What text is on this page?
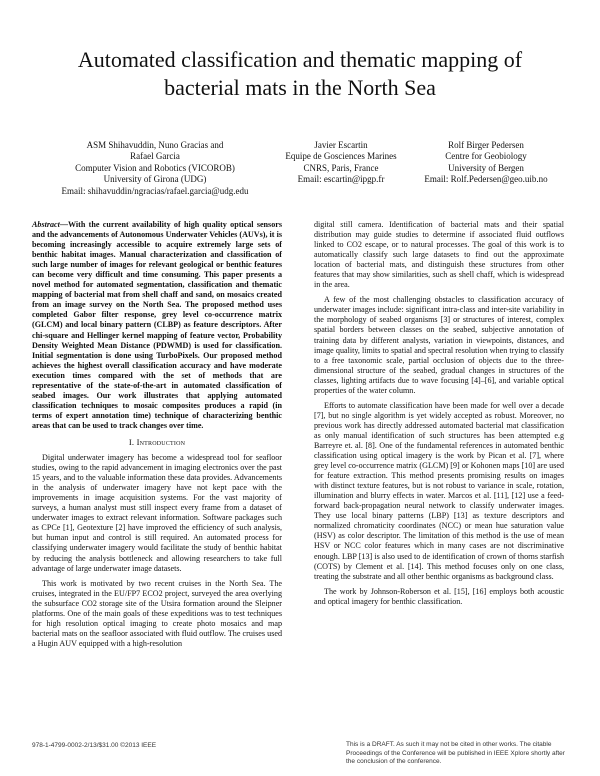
Automated classification and thematic mapping of bacterial mats in the North Sea
ASM Shihavuddin, Nuno Gracias and
Rafael Garcia
Computer Vision and Robotics (VICOROB)
University of Girona (UDG)
Email: shihavuddin/ngracias/rafael.garcia@udg.edu
Javier Escartin
Equipe de Gosciences Marines
CNRS, Paris, France
Email: escartin@ipgp.fr
Rolf Birger Pedersen
Centre for Geobiology
University of Bergen
Email: Rolf.Pedersen@geo.uib.no
Abstract—With the current availability of high quality optical sensors and the advancements of Autonomous Underwater Vehicles (AUVs), it is becoming increasingly accessible to acquire extremely large sets of benthic habitat images. Manual characterization and classification of such large number of images for relevant geological or benthic features can become very difficult and time consuming. This paper presents a novel method for automated segmentation, classification and thematic mapping of bacterial mat from shell chaff and sand, on mosaics created from an image survey on the North Sea. The proposed method uses completed Gabor filter response, grey level co-occurrence matrix (GLCM) and local binary pattern (CLBP) as feature descriptors. After chi-square and Hellinger kernel mapping of feature vector, Probability Density Weighted Mean Distance (PDWMD) is used for classification. Initial segmentation is done using TurboPixels. Our proposed method achieves the highest overall classification accuracy and have moderate execution times compared with the set of methods that are representative of the state-of-the-art in automated classification of seabed images. Our work illustrates that applying automated classification techniques to mosaic composites produces a rapid (in terms of expert annotation time) technique of characterizing benthic areas that can be used to track changes over time.
I. Introduction

Digital underwater imagery has become a widespread tool for seafloor studies, owing to the rapid advancement in imaging electronics over the past 15 years, and to the valuable information these data provides. Advancements in the analysis of underwater imagery have not kept pace with the improvements in image acquisition systems. For the vast majority of surveys, a human analyst must still inspect every frame from a dataset of underwater images to extract relevant information. Software packages such as CPCe [1], Geotexture [2] have improved the efficiency of such analysis, but human input and control is still required. An automated process for classifying underwater imagery would facilitate the study of benthic habitat by reducing the analysis bottleneck and allowing researchers to take full advantage of large underwater image datasets.

This work is motivated by two recent cruises in the North Sea. The cruises, integrated in the EU/FP7 ECO2 project, surveyed the area overlying the subsurface CO2 storage site of the Utsira formation around the Sleipner platforms. One of the main goals of these expeditions was to test techniques for high resolution optical imaging to create photo mosaics and map bacterial mats on the seafloor associated with fluid outflow. The cruises used a Hugin AUV equipped with a high-resolution

digital still camera. Identification of bacterial mats and their spatial distribution may guide studies to determine if associated fluid outflows linked to CO2 escape, or to natural processes. The goal of this work is to automatically classify such large datasets to find out the approximate location of bacterial mats, and distinguish these structures from other features that may show similarities, such as shell chaff, which is widespread in the area.

A few of the most challenging obstacles to classification accuracy of underwater images include: significant intra-class and inter-site variability in the morphology of seabed organisms [3] or structures of interest, complex spatial borders between classes on the seabed, subjective annotation of training data by different analysts, variation in viewpoints, distances, and image quality, limits to spatial and spectral resolution when trying to classify to a free taxonomic scale, partial occlusion of objects due to the three-dimensional structure of the seabed, gradual changes in structures of the classes, lighting artifacts due to wave focusing [4]–[6], and variable optical properties of the water column.

Efforts to automate classification have been made for well over a decade [7], but no single algorithm is yet widely accepted as robust. Moreover, no previous work has directly addressed automated bacterial mat classification as only manual identification of such structures has been attempted e.g Barreyre et. al. [8]. One of the fundamental references in automated benthic classification using optical imagery is the work by Pican et al. [7], where grey level co-occurrence matrix (GLCM) [9] or Kohonen maps [10] are used for feature extraction. This method presents promising results on images with distinct texture features, but is not robust to variance in scale, rotation, illumination and blurry effects in water. Marcos et al. [11], [12] use a feed-forward back-propagation neural network to classify underwater images. They use local binary patterns (LBP) [13] as texture descriptors and normalized chromaticity coordinates (NCC) or mean hue saturation value (HSV) as color descriptor. The limitation of this method is the use of mean HSV or NCC color features which in many cases are not discriminative enough. LBP [13] is also used to de identification of crown of thorns starfish (COTS) by Clement et al. [14]. This method focuses only on one class, treating the substrate and all other benthic organisms as background class.

The work by Johnson-Roberson et al. [15], [16] employs both acoustic and optical imagery for benthic classification.

978-1-4799-0002-2/13/$31.00 ©2013 IEEE	This is a DRAFT. As such it may not be cited in other works. The citable Proceedings of the Conference will be published in IEEE Xplore shortly after the conclusion of the conference.
